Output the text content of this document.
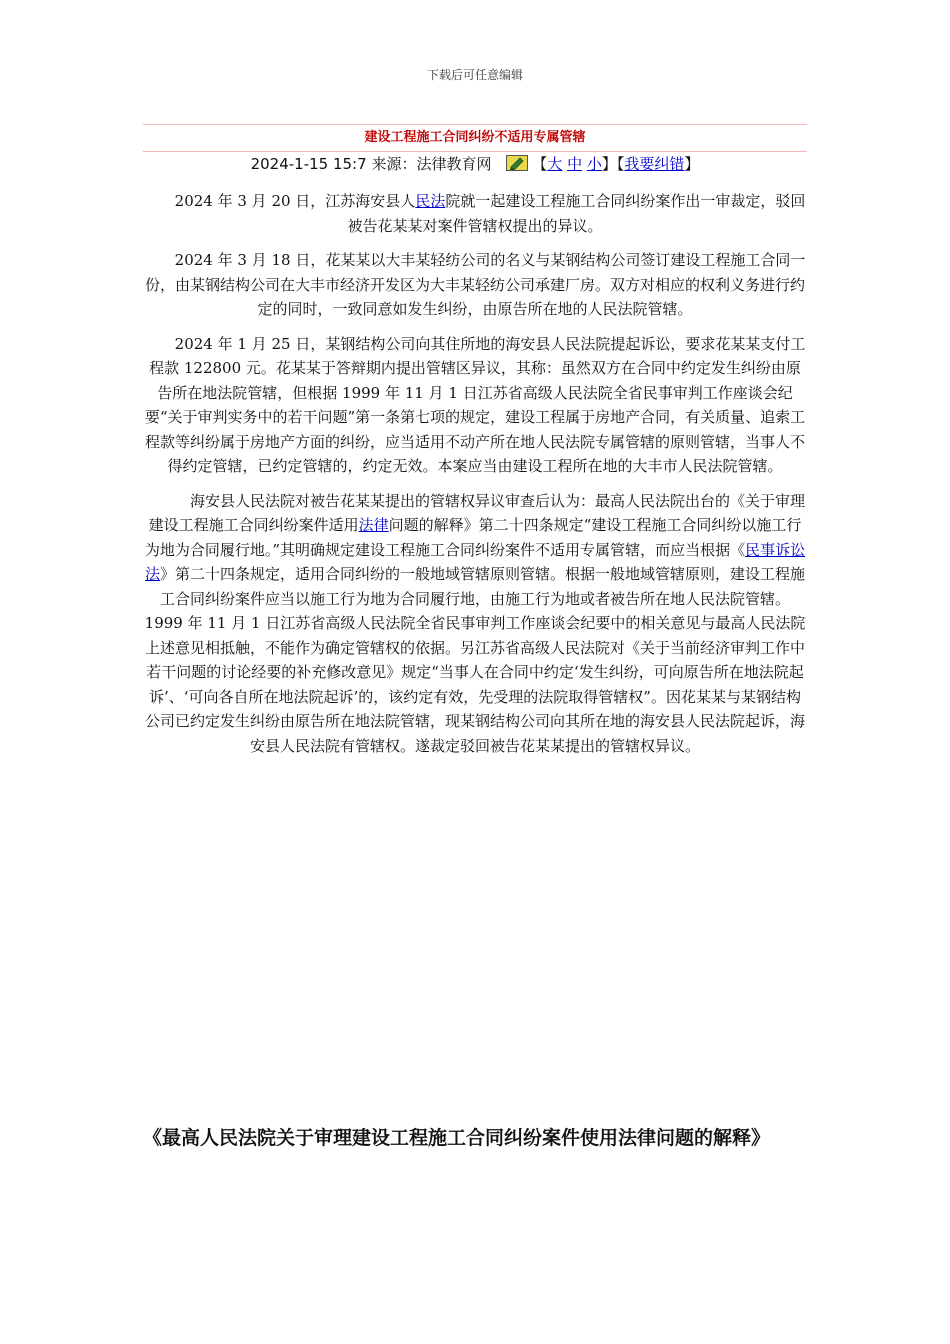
下载后可任意编辑
建设工程施工合同纠纷不适用专属管辖
2024-1-15 15:7 来源：法律教育网	【大 中 小】【我要纠错】

2024 年 3 月 20 日，江苏海安县人民法院就一起建设工程施工合同纠纷案作出一审裁定，驳回被告花某某对案件管辖权提出的异议。

2024 年 3 月 18 日，花某某以大丰某轻纺公司的名义与某钢结构公司签订建设工程施工合同一份，由某钢结构公司在大丰市经济开发区为大丰某轻纺公司承建厂房。双方对相应的权利义务进行约定的同时，一致同意如发生纠纷，由原告所在地的人民法院管辖。

2024 年 1 月 25 日，某钢结构公司向其住所地的海安县人民法院提起诉讼，要求花某某支付工程款 122800 元。花某某于答辩期内提出管辖区异议，其称：虽然双方在合同中约定发生纠纷由原告所在地法院管辖，但根据 1999 年 11 月 1 日江苏省高级人民法院全省民事审判工作座谈会纪要“关于审判实务中的若干问题”第一条第七项的规定，建设工程属于房地产合同，有关质量、追索工程款等纠纷属于房地产方面的纠纷，应当适用不动产所在地人民法院专属管辖的原则管辖，当事人不得约定管辖，已约定管辖的，约定无效。本案应当由建设工程所在地的大丰市人民法院管辖。

海安县人民法院对被告花某某提出的管辖权异议审查后认为：最高人民法院出台的《关于审理建设工程施工合同纠纷案件适用法律问题的解释》第二十四条规定“建设工程施工合同纠纷以施工行为地为合同履行地。”其明确规定建设工程施工合同纠纷案件不适用专属管辖，而应当根据《民事诉讼法》第二十四条规定，适用合同纠纷的一般地域管辖原则管辖。根据一般地域管辖原则，建设工程施工合同纠纷案件应当以施工行为地为合同履行地，由施工行为地或者被告所在地人民法院管辖。1999 年 11 月 1 日江苏省高级人民法院全省民事审判工作座谈会纪要中的相关意见与最高人民法院上述意见相抵触，不能作为确定管辖权的依据。另江苏省高级人民法院对《关于当前经济审判工作中若干问题的讨论经要的补充修改意见》规定“当事人在合同中约定‘发生纠纷，可向原告所在地法院起诉’、‘可向各自所在地法院起诉’的，该约定有效，先受理的法院取得管辖权”。因花某某与某钢结构公司已约定发生纠纷由原告所在地法院管辖，现某钢结构公司向其所在地的海安县人民法院起诉，海安县人民法院有管辖权。遂裁定驳回被告花某某提出的管辖权异议。

《最高人民法院关于审理建设工程施工合同纠纷案件使用法律问题的解释》
